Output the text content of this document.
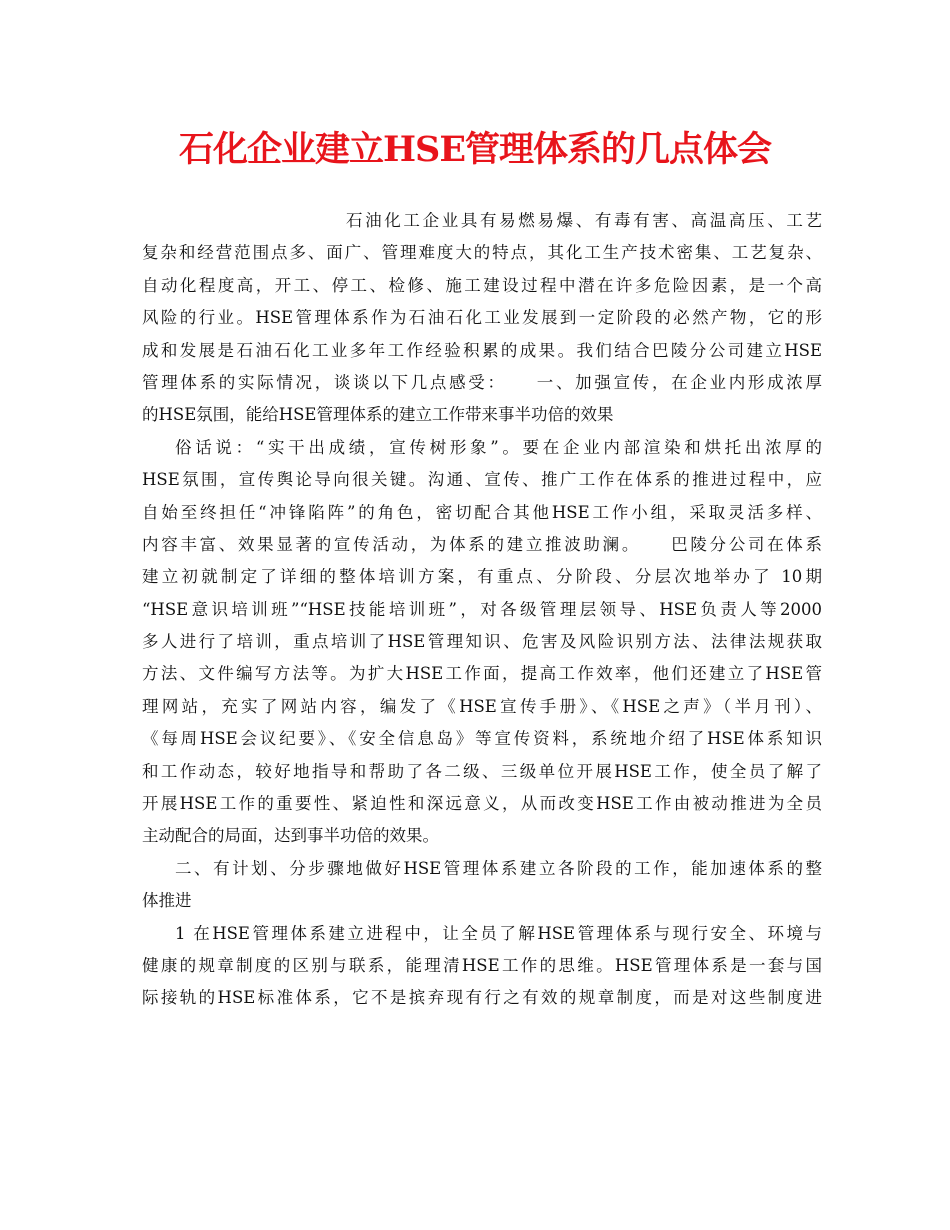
石化企业建立HSE管理体系的几点体会
石油化工企业具有易燃易爆、有毒有害、高温高压、工艺
复杂和经营范围点多、面广、管理难度大的特点，其化工生产技术密集、工艺复杂、
自动化程度高，开工、停工、检修、施工建设过程中潜在许多危险因素，是一个高
风险的行业。HSE管理体系作为石油石化工业发展到一定阶段的必然产物，它的形
成和发展是石油石化工业多年工作经验积累的成果。我们结合巴陵分公司建立HSE
管理体系的实际情况，谈谈以下几点感受：　　一、加强宣传，在企业内形成浓厚
的HSE氛围，能给HSE管理体系的建立工作带来事半功倍的效果
俗话说：“实干出成绩，宣传树形象”。要在企业内部渲染和烘托出浓厚的
HSE氛围，宣传舆论导向很关键。沟通、宣传、推广工作在体系的推进过程中，应
自始至终担任“冲锋陷阵”的角色，密切配合其他HSE工作小组，采取灵活多样、
内容丰富、效果显著的宣传活动，为体系的建立推波助澜。　　巴陵分公司在体系
建立初就制定了详细的整体培训方案，有重点、分阶段、分层次地举办了 10期
“HSE意识培训班”“HSE技能培训班”，对各级管理层领导、HSE负责人等2000
多人进行了培训，重点培训了HSE管理知识、危害及风险识别方法、法律法规获取
方法、文件编写方法等。为扩大HSE工作面，提高工作效率，他们还建立了HSE管
理网站，充实了网站内容，编发了《HSE宣传手册》、《HSE之声》（半月刊）、
《每周HSE会议纪要》、《安全信息岛》等宣传资料，系统地介绍了HSE体系知识
和工作动态，较好地指导和帮助了各二级、三级单位开展HSE工作，使全员了解了
开展HSE工作的重要性、紧迫性和深远意义，从而改变HSE工作由被动推进为全员
主动配合的局面，达到事半功倍的效果。
二、有计划、分步骤地做好HSE管理体系建立各阶段的工作，能加速体系的整
体推进
1 在HSE管理体系建立进程中，让全员了解HSE管理体系与现行安全、环境与
健康的规章制度的区别与联系，能理清HSE工作的思维。HSE管理体系是一套与国
际接轨的HSE标准体系，它不是摈弃现有行之有效的规章制度，而是对这些制度进
